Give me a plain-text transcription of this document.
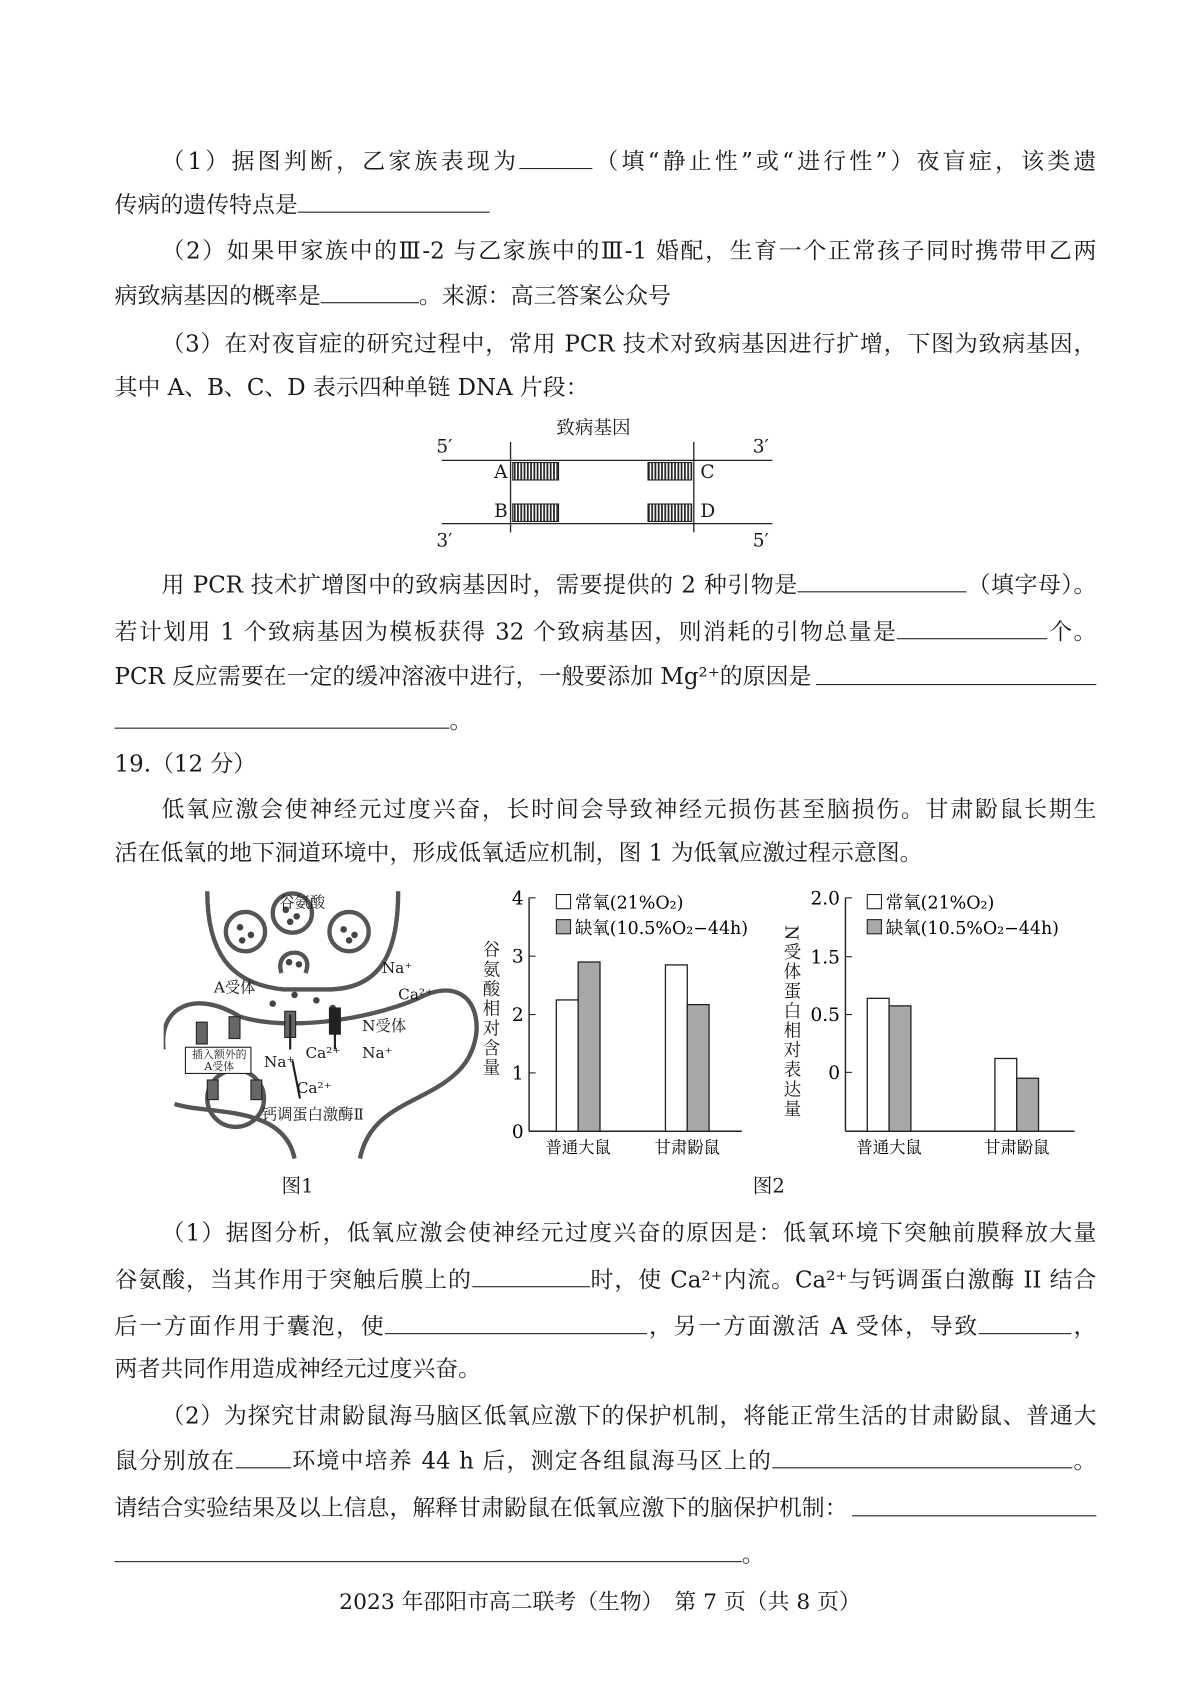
（1）据图判断，乙家族表现为	（填“静止性”或“进行性”）夜盲症，该类遗
传病的遗传特点是
（2）如果甲家族中的Ⅲ-2 与乙家族中的Ⅲ-1 婚配，生育一个正常孩子同时携带甲乙两
病致病基因的概率是	。来源：高三答案公众号
（3）在对夜盲症的研究过程中，常用 PCR 技术对致病基因进行扩增，下图为致病基因，
其中 A、B、C、D 表示四种单链 DNA 片段：
致病基因
5′	3′
3′	5′
A
B
C
D
用 PCR 技术扩增图中的致病基因时，需要提供的 2 种引物是	（填字母）。
若计划用 1 个致病基因为模板获得 32 个致病基因，则消耗的引物总量是	个。
PCR 反应需要在一定的缓冲溶液中进行，一般要添加 Mg²⁺的原因是
。
19.（12 分）
低氧应激会使神经元过度兴奋，长时间会导致神经元损伤甚至脑损伤。甘肃鼢鼠长期生
活在低氧的地下洞道环境中，形成低氧适应机制，图 1 为低氧应激过程示意图。
谷氨酸
Na⁺
Ca²⁺
A受体
N受体
插入额外的A受体	Na⁺ Ca²⁺ Na⁺
Ca²⁺
钙调蛋白激酶Ⅱ
图1
0
1
2
3
4
普通大鼠	甘肃鼢鼠
常氧(21%O₂)
缺氧(10.5%O₂−44h)
0
0.5
1.5
2.0
普通大鼠	甘肃鼢鼠
常氧(21%O₂)
缺氧(10.5%O₂−44h)
谷氨酸相对含量	N受体蛋白相对表达量
图2
（1）据图分析，低氧应激会使神经元过度兴奋的原因是：低氧环境下突触前膜释放大量
谷氨酸，当其作用于突触后膜上的	时，使 Ca²⁺内流。Ca²⁺与钙调蛋白激酶 II 结合
后一方面作用于囊泡，使	，另一方面激活 A 受体，导致	，
两者共同作用造成神经元过度兴奋。
（2）为探究甘肃鼢鼠海马脑区低氧应激下的保护机制，将能正常生活的甘肃鼢鼠、普通大
鼠分别放在	环境中培养 44 h 后，测定各组鼠海马区上的	。
请结合实验结果及以上信息，解释甘肃鼢鼠在低氧应激下的脑保护机制：
。
2023 年邵阳市高二联考（生物）　第 7 页（共 8 页）
